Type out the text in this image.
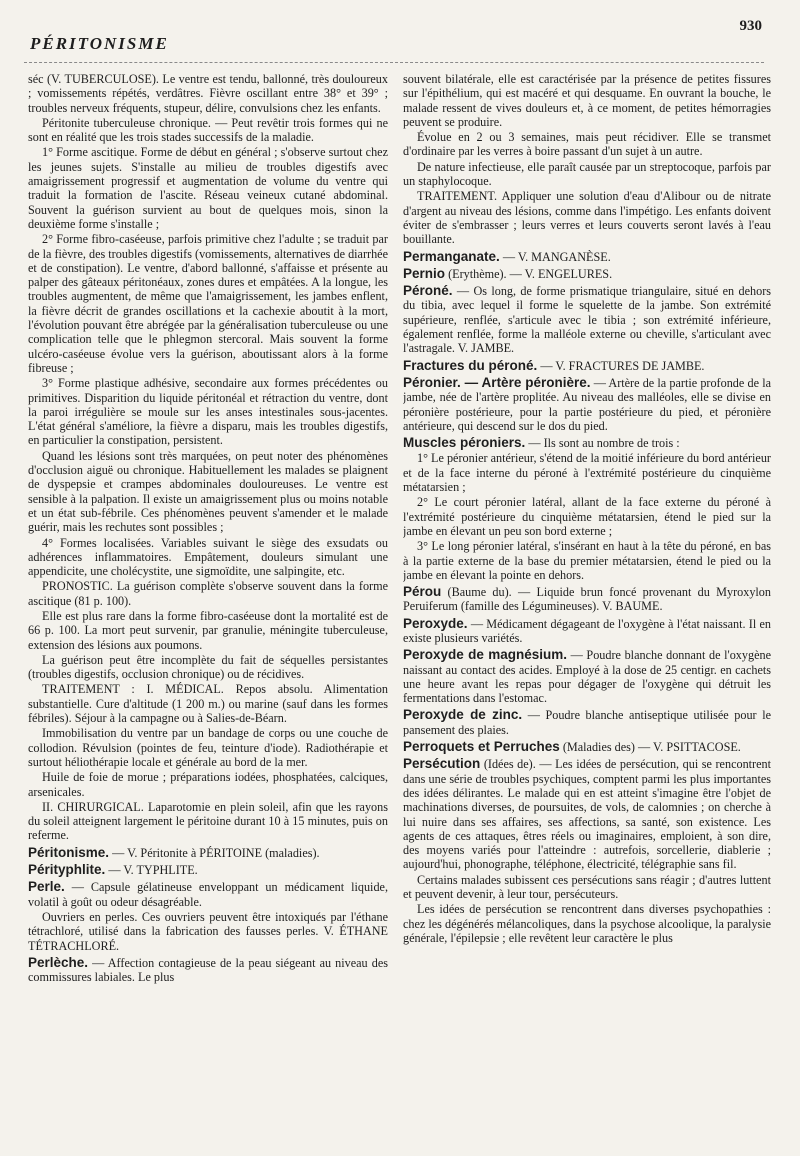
PÉRITONISME
930

séc (V. TUBERCULOSE). Le ventre est tendu, ballonné, très douloureux ; vomissements répétés, verdâtres. Fièvre oscillant entre 38° et 39° ; troubles nerveux fréquents, stupeur, délire, convulsions chez les enfants.

Péritonite tuberculeuse chronique. — Peut revêtir trois formes qui ne sont en réalité que les trois stades successifs de la maladie.

1° Forme ascitique. Forme de début en général ; s'observe surtout chez les jeunes sujets. S'installe au milieu de troubles digestifs avec amaigrissement progressif et augmentation de volume du ventre qui traduit la formation de l'ascite. Réseau veineux cutané abdominal. Souvent la guérison survient au bout de quelques mois, sinon la deuxième forme s'installe ;

2° Forme fibro-caséeuse, parfois primitive chez l'adulte ; se traduit par de la fièvre, des troubles digestifs (vomissements, alternatives de diarrhée et de constipation). Le ventre, d'abord ballonné, s'affaisse et présente au palper des gâteaux péritonéaux, zones dures et empâtées. A la longue, les troubles augmentent, de même que l'amaigrissement, les jambes enflent, la fièvre décrit de grandes oscillations et la cachexie aboutit à la mort, l'évolution pouvant être abrégée par la généralisation tuberculeuse ou une complication telle que le phlegmon stercoral. Mais souvent la forme ulcéro-caséeuse évolue vers la guérison, aboutissant alors à la forme fibreuse ;

3° Forme plastique adhésive, secondaire aux formes précédentes ou primitives. Disparition du liquide péritonéal et rétraction du ventre, dont la paroi irrégulière se moule sur les anses intestinales sous-jacentes. L'état général s'améliore, la fièvre a disparu, mais les troubles digestifs, en particulier la constipation, persistent.

Quand les lésions sont très marquées, on peut noter des phénomènes d'occlusion aiguë ou chronique. Habituellement les malades se plaignent de dyspepsie et crampes abdominales douloureuses. Le ventre est sensible à la palpation. Il existe un amaigrissement plus ou moins notable et un état sub-fébrile. Ces phénomènes peuvent s'amender et le malade guérir, mais les rechutes sont possibles ;

4° Formes localisées. Variables suivant le siège des exsudats ou adhérences inflammatoires. Empâtement, douleurs simulant une appendicite, une cholécystite, une sigmoïdite, une salpingite, etc.

PRONOSTIC. La guérison complète s'observe souvent dans la forme ascitique (81 p. 100).

Elle est plus rare dans la forme fibro-caséeuse dont la mortalité est de 66 p. 100. La mort peut survenir, par granulie, méningite tuberculeuse, extension des lésions aux poumons.

La guérison peut être incomplète du fait de séquelles persistantes (troubles digestifs, occlusion chronique) ou de récidives.

TRAITEMENT : I. MÉDICAL. Repos absolu. Alimentation substantielle. Cure d'altitude (1 200 m.) ou marine (sauf dans les formes fébriles). Séjour à la campagne ou à Salies-de-Béarn.

Immobilisation du ventre par un bandage de corps ou une couche de collodion. Révulsion (pointes de feu, teinture d'iode). Radiothérapie et surtout héliothérapie locale et générale au bord de la mer.

Huile de foie de morue ; préparations iodées, phosphatées, calciques, arsenicales.

II. CHIRURGICAL. Laparotomie en plein soleil, afin que les rayons du soleil atteignent largement le péritoine durant 10 à 15 minutes, puis on referme.

Péritonisme. — V. Péritonite à PÉRITOINE (maladies).

Pérityphlite. — V. TYPHLITE.

Perle. — Capsule gélatineuse enveloppant un médicament liquide, volatil à goût ou odeur désagréable.

Ouvriers en perles. Ces ouvriers peuvent être intoxiqués par l'éthane tétrachloré, utilisé dans la fabrication des fausses perles. V. ÉTHANE TÉTRACHLORÉ.

Perlèche. — Affection contagieuse de la peau siégeant au niveau des commissures labiales. Le plus

souvent bilatérale, elle est caractérisée par la présence de petites fissures sur l'épithélium, qui est macéré et qui desquame. En ouvrant la bouche, le malade ressent de vives douleurs et, à ce moment, de petites hémorragies peuvent se produire.

Évolue en 2 ou 3 semaines, mais peut récidiver. Elle se transmet d'ordinaire par les verres à boire passant d'un sujet à un autre.

De nature infectieuse, elle paraît causée par un streptocoque, parfois par un staphylocoque.

TRAITEMENT. Appliquer une solution d'eau d'Alibour ou de nitrate d'argent au niveau des lésions, comme dans l'impétigo. Les enfants doivent éviter de s'embrasser ; leurs verres et leurs couverts seront lavés à l'eau bouillante.

Permanganate. — V. MANGANÈSE.

Pernio (Erythème). — V. ENGELURES.

Péroné. — Os long, de forme prismatique triangulaire, situé en dehors du tibia, avec lequel il forme le squelette de la jambe. Son extrémité supérieure, renflée, s'articule avec le tibia ; son extrémité inférieure, également renflée, forme la malléole externe ou cheville, s'articulant avec l'astragale. V. JAMBE.

Fractures du péroné. — V. FRACTURES DE JAMBE.

Péronier. — Artère péronière. — Artère de la partie profonde de la jambe, née de l'artère proplitée. Au niveau des malléoles, elle se divise en péronière postérieure, pour la partie postérieure du pied, et péronière antérieure, qui descend sur le dos du pied.

Muscles péroniers. — Ils sont au nombre de trois :

1° Le péronier antérieur, s'étend de la moitié inférieure du bord antérieur et de la face interne du péroné à l'extrémité postérieure du cinquième métatarsien ;

2° Le court péronier latéral, allant de la face externe du péroné à l'extrémité postérieure du cinquième métatarsien, étend le pied sur la jambe en élevant un peu son bord externe ;

3° Le long péronier latéral, s'insérant en haut à la tête du péroné, en bas à la partie externe de la base du premier métatarsien, étend le pied ou la jambe en élevant la pointe en dehors.

Pérou (Baume du). — Liquide brun foncé provenant du Myroxylon Peruiferum (famille des Légumineuses). V. BAUME.

Peroxyde. — Médicament dégageant de l'oxygène à l'état naissant. Il en existe plusieurs variétés.

Peroxyde de magnésium. — Poudre blanche donnant de l'oxygène naissant au contact des acides. Employé à la dose de 25 centigr. en cachets une heure avant les repas pour dégager de l'oxygène qui détruit les fermentations dans l'estomac.

Peroxyde de zinc. — Poudre blanche antiseptique utilisée pour le pansement des plaies.

Perroquets et Perruches (Maladies des) — V. PSITTACOSE.

Persécution (Idées de). — Les idées de persécution, qui se rencontrent dans une série de troubles psychiques, comptent parmi les plus importantes des idées délirantes. Le malade qui en est atteint s'imagine être l'objet de machinations diverses, de poursuites, de vols, de calomnies ; on cherche à lui nuire dans ses affaires, ses affections, sa santé, son existence. Les agents de ces attaques, êtres réels ou imaginaires, emploient, à son dire, des moyens variés pour l'atteindre : autrefois, sorcellerie, diablerie ; aujourd'hui, phonographe, téléphone, électricité, télégraphie sans fil.

Certains malades subissent ces persécutions sans réagir ; d'autres luttent et peuvent devenir, à leur tour, persécuteurs.

Les idées de persécution se rencontrent dans diverses psychopathies : chez les dégénérés mélancoliques, dans la psychose alcoolique, la paralysie générale, l'épilepsie ; elle revêtent leur caractère le plus
